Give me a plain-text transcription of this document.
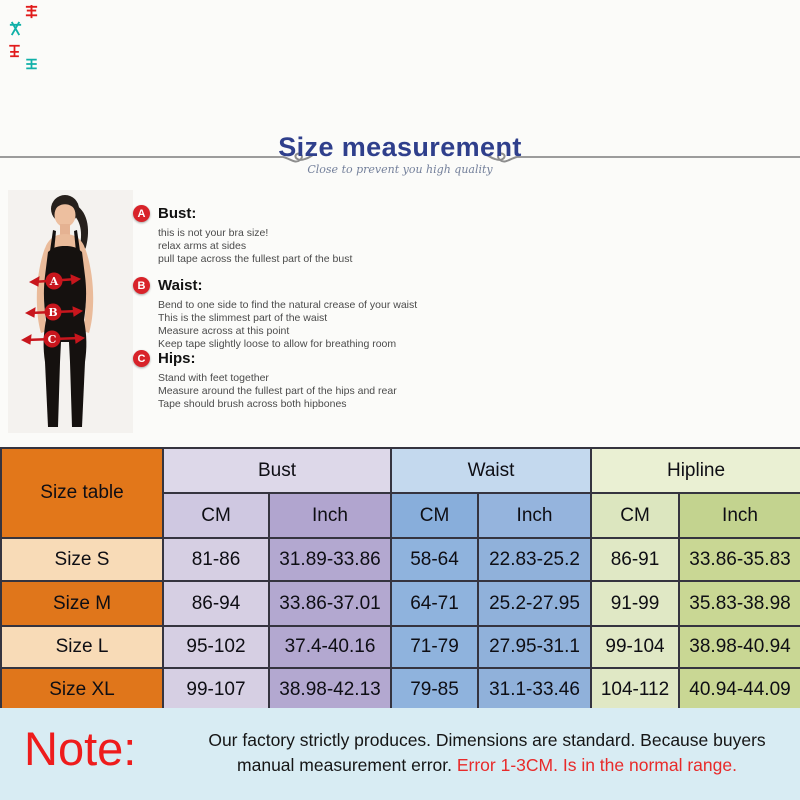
Size measurement
Close to prevent you high quality
A
B
C
A Bust:
this is not your bra size!
relax arms at sides
pull tape across the fullest part of the bust
B Waist:
Bend to one side to find the natural crease of your waist
This is the slimmest part of the waist
Measure across at this point
Keep tape slightly loose to allow for breathing room
C Hips:
Stand with feet together
Measure around the fullest part of the hips and rear
Tape should brush across both hipbones
Size table	Bust		Waist		Hipline	
	CM	Inch	CM	Inch	CM	Inch
Size S	81-86	31.89-33.86	58-64	22.83-25.2	86-91	33.86-35.83
Size M	86-94	33.86-37.01	64-71	25.2-27.95	91-99	35.83-38.98
Size L	95-102	37.4-40.16	71-79	27.95-31.1	99-104	38.98-40.94
Size XL	99-107	38.98-42.13	79-85	31.1-33.46	104-112	40.94-44.09
Note:	Our factory strictly produces. Dimensions are standard. Because buyers
manual measurement error. Error 1-3CM. Is in the normal range.
